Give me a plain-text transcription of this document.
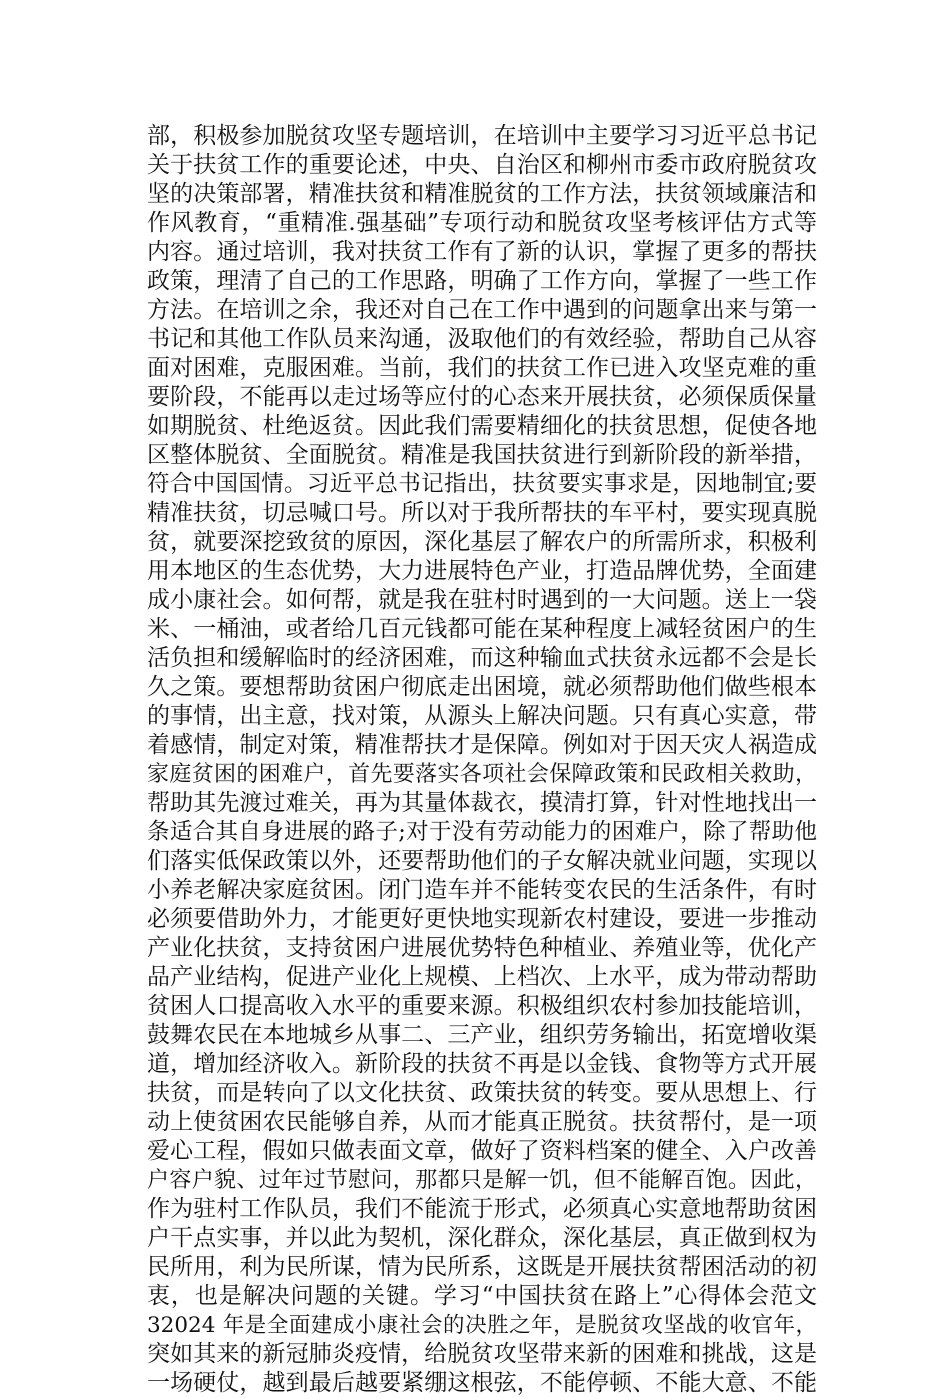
部，积极参加脱贫攻坚专题培训，在培训中主要学习习近平总书记
关于扶贫工作的重要论述，中央、自治区和柳州市委市政府脱贫攻
坚的决策部署，精准扶贫和精准脱贫的工作方法，扶贫领域廉洁和
作风教育，“重精准.强基础”专项行动和脱贫攻坚考核评估方式等
内容。通过培训，我对扶贫工作有了新的认识，掌握了更多的帮扶
政策，理清了自己的工作思路，明确了工作方向，掌握了一些工作
方法。在培训之余，我还对自己在工作中遇到的问题拿出来与第一
书记和其他工作队员来沟通，汲取他们的有效经验，帮助自己从容
面对困难，克服困难。当前，我们的扶贫工作已进入攻坚克难的重
要阶段，不能再以走过场等应付的心态来开展扶贫，必须保质保量
如期脱贫、杜绝返贫。因此我们需要精细化的扶贫思想，促使各地
区整体脱贫、全面脱贫。精准是我国扶贫进行到新阶段的新举措，
符合中国国情。习近平总书记指出，扶贫要实事求是，因地制宜;要
精准扶贫，切忌喊口号。所以对于我所帮扶的车平村，要实现真脱
贫，就要深挖致贫的原因，深化基层了解农户的所需所求，积极利
用本地区的生态优势，大力进展特色产业，打造品牌优势，全面建
成小康社会。如何帮，就是我在驻村时遇到的一大问题。送上一袋
米、一桶油，或者给几百元钱都可能在某种程度上减轻贫困户的生
活负担和缓解临时的经济困难，而这种输血式扶贫永远都不会是长
久之策。要想帮助贫困户彻底走出困境，就必须帮助他们做些根本
的事情，出主意，找对策，从源头上解决问题。只有真心实意，带
着感情，制定对策，精准帮扶才是保障。例如对于因天灾人祸造成
家庭贫困的困难户，首先要落实各项社会保障政策和民政相关救助，
帮助其先渡过难关，再为其量体裁衣，摸清打算，针对性地找出一
条适合其自身进展的路子;对于没有劳动能力的困难户，除了帮助他
们落实低保政策以外，还要帮助他们的子女解决就业问题，实现以
小养老解决家庭贫困。闭门造车并不能转变农民的生活条件，有时
必须要借助外力，才能更好更快地实现新农村建设，要进一步推动
产业化扶贫，支持贫困户进展优势特色种植业、养殖业等，优化产
品产业结构，促进产业化上规模、上档次、上水平，成为带动帮助
贫困人口提高收入水平的重要来源。积极组织农村参加技能培训，
鼓舞农民在本地城乡从事二、三产业，组织劳务输出，拓宽增收渠
道，增加经济收入。新阶段的扶贫不再是以金钱、食物等方式开展
扶贫，而是转向了以文化扶贫、政策扶贫的转变。要从思想上、行
动上使贫困农民能够自养，从而才能真正脱贫。扶贫帮付，是一项
爱心工程，假如只做表面文章，做好了资料档案的健全、入户改善
户容户貌、过年过节慰问，那都只是解一饥，但不能解百饱。因此，
作为驻村工作队员，我们不能流于形式，必须真心实意地帮助贫困
户干点实事，并以此为契机，深化群众，深化基层，真正做到权为
民所用，利为民所谋，情为民所系，这既是开展扶贫帮困活动的初
衷，也是解决问题的关键。学习“中国扶贫在路上”心得体会范文
32024 年是全面建成小康社会的决胜之年，是脱贫攻坚战的收官年，
突如其来的新冠肺炎疫情，给脱贫攻坚带来新的困难和挑战，这是
一场硬仗，越到最后越要紧绷这根弦，不能停顿、不能大意、不能
